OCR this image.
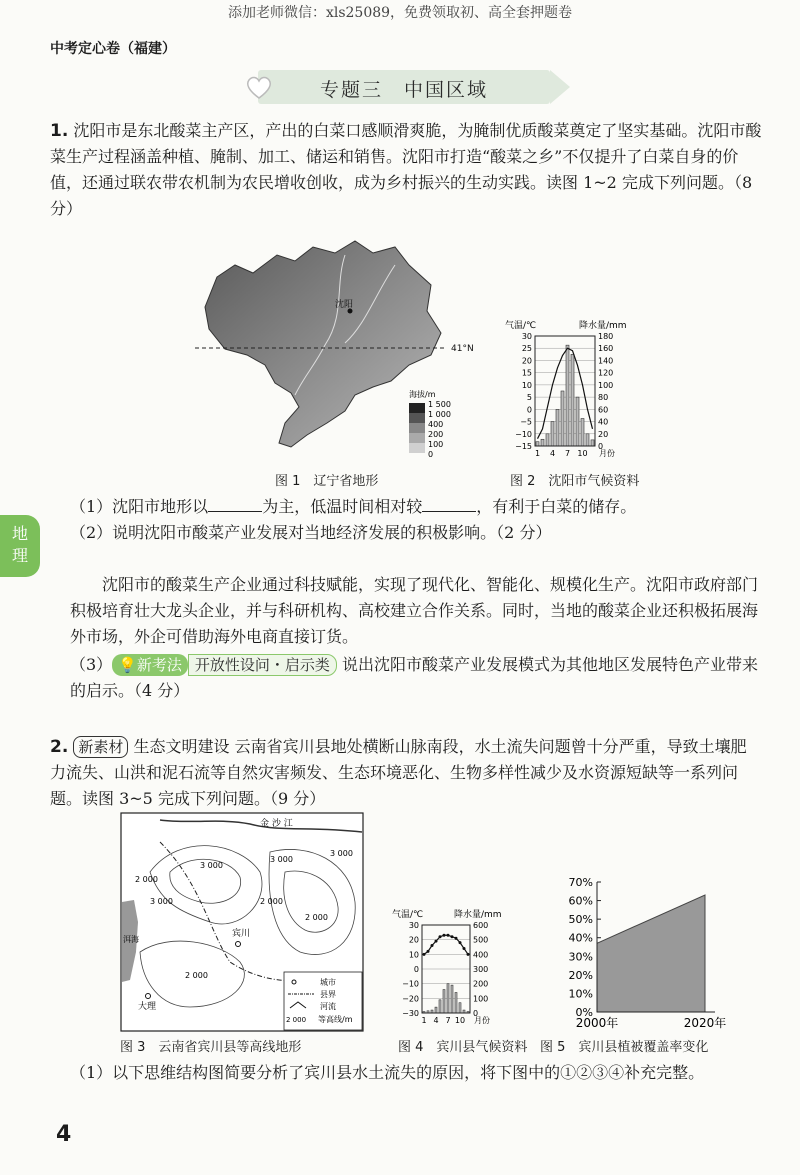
添加老师微信：xls25089，免费领取初、高全套押题卷
中考定心卷（福建）
专题三　中国区域
1. 沈阳市是东北酸菜主产区，产出的白菜口感顺滑爽脆，为腌制优质酸菜奠定了坚实基础。沈阳市酸菜生产过程涵盖种植、腌制、加工、储运和销售。沈阳市打造“酸菜之乡”不仅提升了白菜自身的价值，还通过联农带农机制为农民增收创收，成为乡村振兴的生动实践。读图 1~2 完成下列问题。（8 分）
沈阳
41°N
海拔/m
1 500
1 000
400
200
100
0
图 1　辽宁省地形
气温/℃	降水量/mm
30
25
20
15
10
5
0
−5
−10
−15
180
160
140
120
100
80
60
40
20
0
1 4 7 10 月份
图 2　沈阳市气候资料
（1）沈阳市地形以	为主，低温时间相对较	，有利于白菜的储存。
（2）说明沈阳市酸菜产业发展对当地经济发展的积极影响。（2 分）
地理
沈阳市的酸菜生产企业通过科技赋能，实现了现代化、智能化、规模化生产。沈阳市政府部门积极培育壮大龙头企业，并与科研机构、高校建立合作关系。同时，当地的酸菜企业还积极拓展海外市场，外企可借助海外电商直接订货。
（3） 💡新考法 开放性设问・启示类 说出沈阳市酸菜产业发展模式为其他地区发展特色产业带来的启示。（4 分）
2. 新素材 生态文明建设 云南省宾川县地处横断山脉南段，水土流失问题曾十分严重，导致土壤肥力流失、山洪和泥石流等自然灾害频发、生态环境恶化、生物多样性减少及水资源短缺等一系列问题。读图 3~5 完成下列问题。（9 分）
金 沙 江
洱海
宾川
大理
3 000
3 000
3 000
2 000
3 000
2 000
2 000
2 000
城市
县界
河流
2 000 等高线/m
图 3　云南省宾川县等高线地形
气温/℃	降水量/mm
30
20
10
0
−10
−20
−30
600
500
400
300
200
100
0
1 4 7 10 月份
图 4　宾川县气候资料
70%
60%
50%
40%
30%
20%
10%
0%
2000年	2020年
图 5　宾川县植被覆盖率变化
（1）以下思维结构图简要分析了宾川县水土流失的原因，将下图中的①②③④补充完整。
4
